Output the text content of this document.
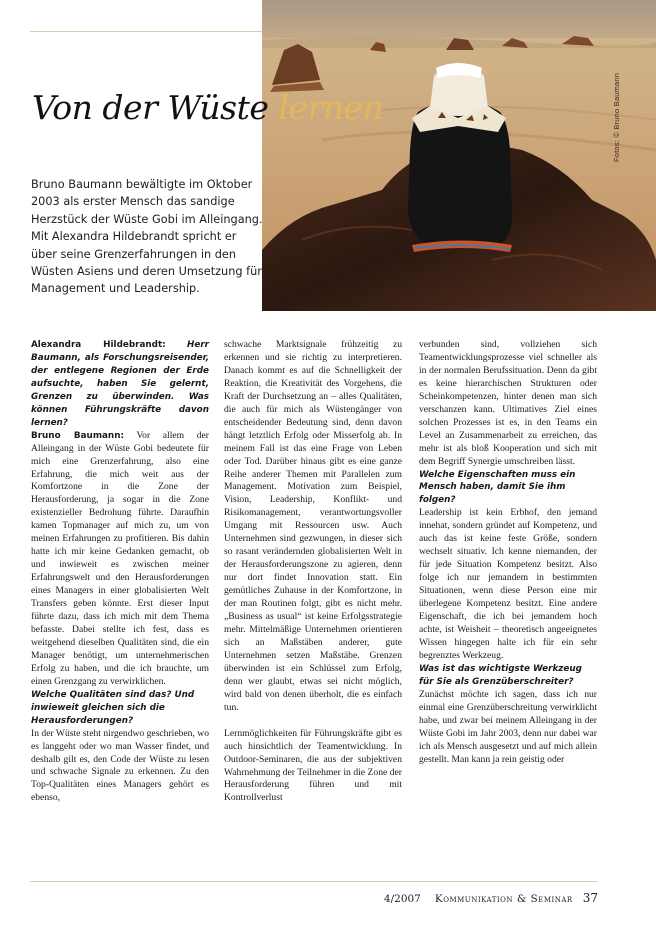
Fotos: © Bruno Baumann
Von der Wüste lernen

Bruno Baumann bewältigte im Oktober 2003 als erster Mensch das sandige Herzstück der Wüste Gobi im Alleingang. Mit Alexandra Hildebrandt spricht er über seine Grenzerfahrungen in den Wüsten Asiens und deren Umsetzung für Management und Leadership.

Alexandra Hildebrandt: Herr Baumann, als Forschungsreisender, der entlegene Regionen der Erde aufsuchte, haben Sie gelernt, Grenzen zu überwinden. Was können Führungskräfte davon lernen?

Bruno Baumann: Vor allem der Alleingang in der Wüste Gobi bedeutete für mich eine Grenzerfahrung, also eine Erfahrung, die mich weit aus der Komfortzone in die Zone der Herausforderung, ja sogar in die Zone existenzieller Bedrohung führte. Daraufhin kamen Topmanager auf mich zu, um von meinen Erfahrungen zu profitieren. Bis dahin hatte ich mir keine Gedanken gemacht, ob und inwieweit es zwischen meiner Erfahrungswelt und den Herausforderungen eines Managers in einer globalisierten Welt Transfers geben könnte. Erst dieser Input führte dazu, dass ich mich mit dem Thema befasste. Dabei stellte ich fest, dass es weitgehend dieselben Qualitäten sind, die ein Manager benötigt, um unternehmerischen Erfolg zu haben, und die ich brauchte, um einen Grenzgang zu verwirklichen.

Welche Qualitäten sind das? Und inwieweit gleichen sich die Herausforderungen?

In der Wüste steht nirgendwo geschrieben, wo es langgeht oder wo man Wasser findet, und deshalb gilt es, den Code der Wüste zu lesen und schwache Signale zu erkennen. Zu den Top-Qualitäten eines Managers gehört es ebenso,

schwache Marktsignale frühzeitig zu erkennen und sie richtig zu interpretieren. Danach kommt es auf die Schnelligkeit der Reaktion, die Kreativität des Vorgehens, die Kraft der Durchsetzung an – alles Qualitäten, die auch für mich als Wüstengänger von entscheidender Bedeutung sind, denn davon hängt letztlich Erfolg oder Misserfolg ab. In meinem Fall ist das eine Frage von Leben oder Tod. Darüber hinaus gibt es eine ganze Reihe anderer Themen mit Parallelen zum Management. Motivation zum Beispiel, Vision, Leadership, Konflikt- und Risikomanagement, verantwortungsvoller Umgang mit Ressourcen usw. Auch Unternehmen sind gezwungen, in dieser sich so rasant verändernden globalisierten Welt in der Herausforderungszone zu agieren, denn nur dort findet Innovation statt. Ein gemütliches Zuhause in der Komfortzone, in der man Routinen folgt, gibt es nicht mehr. „Business as usual“ ist keine Erfolgsstrategie mehr. Mittelmäßige Unternehmen orientieren sich an Maßstäben anderer, gute Unternehmen setzen Maßstäbe. Grenzen überwinden ist ein Schlüssel zum Erfolg, denn wer glaubt, etwas sei nicht möglich, wird bald von denen überholt, die es einfach tun.

Lernmöglichkeiten für Führungskräfte gibt es auch hinsichtlich der Teamentwicklung. In Outdoor-Seminaren, die aus der subjektiven Wahrnehmung der Teilnehmer in die Zone der Herausforderung führen und mit Kontrollverlust

verbunden sind, vollziehen sich Teamentwicklungsprozesse viel schneller als in der normalen Berufssituation. Denn da gibt es keine hierarchischen Strukturen oder Scheinkompetenzen, hinter denen man sich verschanzen kann. Ultimatives Ziel eines solchen Prozesses ist es, in den Teams ein Level an Zusammenarbeit zu erreichen, das mehr ist als bloß Kooperation und sich mit dem Begriff Synergie umschreiben lässt.

Welche Eigenschaften muss ein Mensch haben, damit Sie ihm folgen?

Leadership ist kein Erbhof, den jemand innehat, sondern gründet auf Kompetenz, und auch das ist keine feste Größe, sondern wechselt situativ. Ich kenne niemanden, der für jede Situation Kompetenz besitzt. Also folge ich nur jemandem in bestimmten Situationen, wenn diese Person eine mir überlegene Kompetenz besitzt. Eine andere Eigenschaft, die ich bei jemandem hoch achte, ist Weisheit – theoretisch angeeignetes Wissen hingegen halte ich für ein sehr begrenztes Werkzeug.

Was ist das wichtigste Werkzeug für Sie als Grenzüberschreiter?

Zunächst möchte ich sagen, dass ich nur einmal eine Grenzüberschreitung verwirklicht habe, und zwar bei meinem Alleingang in der Wüste Gobi im Jahr 2003, denn nur dabei war ich als Mensch ausgesetzt und auf mich allein gestellt. Man kann ja rein geistig oder

4/2007 Kommunikation & Seminar 37
